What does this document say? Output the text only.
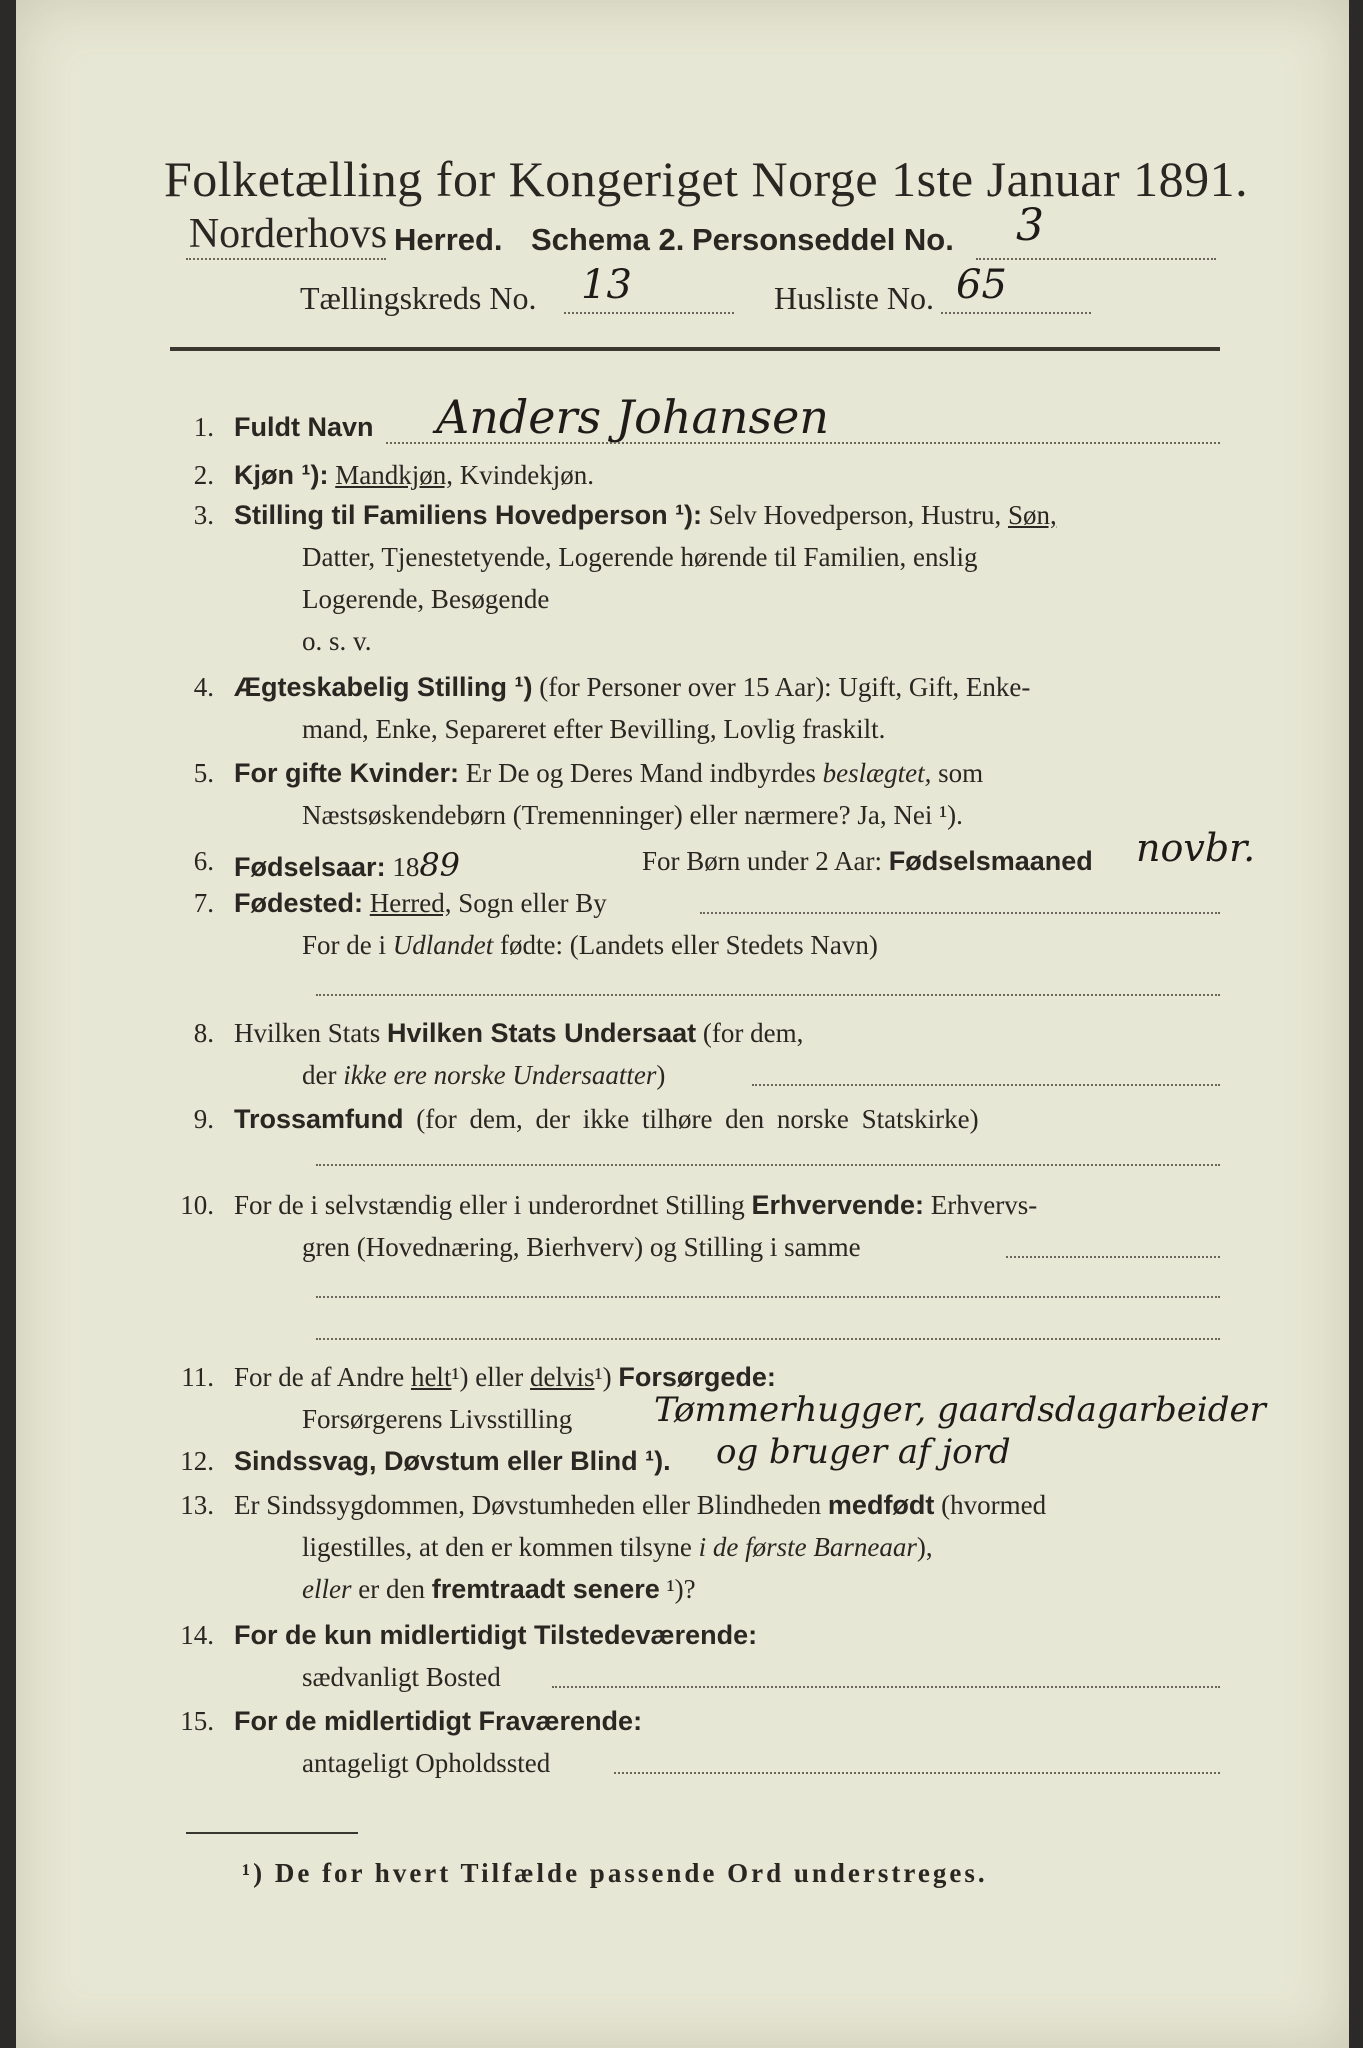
Folketælling for Kongeriget Norge 1ste Januar 1891.
Norderhovs Herred. Schema 2. Personseddel No. 3
Tællingskreds No. 13	Husliste No. 65
1. Fuldt Navn Anders Johansen
2. Kjøn ¹): Mandkjøn, Kvindekjøn.
3. Stilling til Familiens Hovedperson ¹): Selv Hovedperson, Hustru, Søn,
Datter, Tjenestetyende, Logerende hørende til Familien, enslig
Logerende, Besøgende
o. s. v.
4. Ægteskabelig Stilling ¹) (for Personer over 15 Aar): Ugift, Gift, Enke-
mand, Enke, Separeret efter Bevilling, Lovlig fraskilt.
5. For gifte Kvinder: Er De og Deres Mand indbyrdes beslægtet, som
Næstsøskendebørn (Tremenninger) eller nærmere? Ja, Nei ¹).
6. Fødselsaar: 1889	For Børn under 2 Aar: Fødselsmaaned novbr.
7. Fødested: Herred, Sogn eller By
For de i Udlandet fødte: (Landets eller Stedets Navn)
8. Hvilken Stats Hvilken Stats Undersaat (for dem,
der ikke ere norske Undersaatter)
9. Trossamfund (for dem, der ikke tilhøre den norske Statskirke)
10. For de i selvstændig eller i underordnet Stilling Erhvervende: Erhvervs-
gren (Hovednæring, Bierhverv) og Stilling i samme
11. For de af Andre helt¹) eller delvis¹) Forsørgede:
Forsørgerens Livsstilling Tømmerhugger, gaardsdagarbeider
12. Sindssvag, Døvstum eller Blind ¹). og bruger af jord
13. Er Sindssygdommen, Døvstumheden eller Blindheden medfødt (hvormed
ligestilles, at den er kommen tilsyne i de første Barneaar),
eller er den fremtraadt senere ¹)?
14. For de kun midlertidigt Tilstedeværende:
sædvanligt Bosted
15. For de midlertidigt Fraværende:
antageligt Opholdssted
¹) De for hvert Tilfælde passende Ord understreges.
